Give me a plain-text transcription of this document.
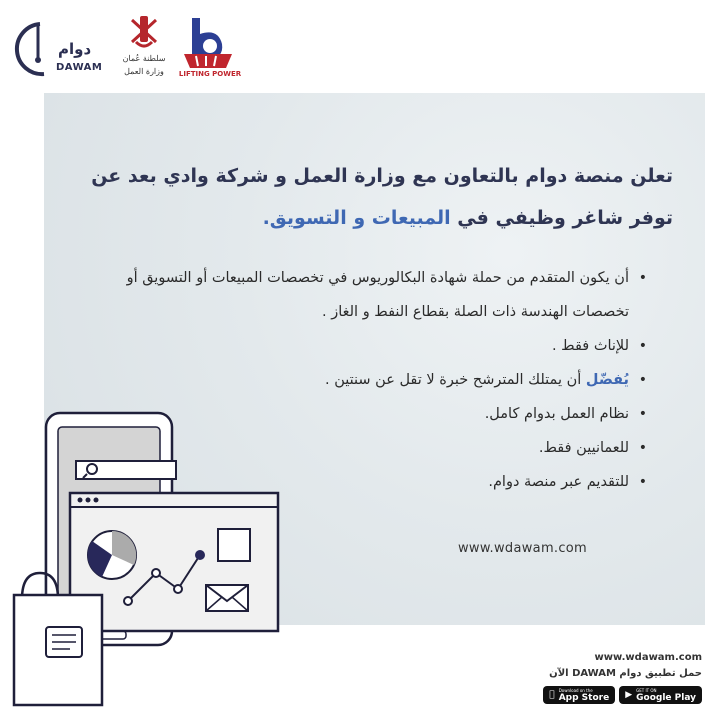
دوام
DAWAM
سلطنة عُمان
وزارة العمل	LIFTING POWER
تعلن منصة دوام بالتعاون مع وزارة العمل و شركة وادي بعد عن
توفر شاغر وظيفي في المبيعات و التسويق.
• أن يكون المتقدم من حملة شهادة البكالوريوس في تخصصات المبيعات أو التسويق أو تخصصات الهندسة ذات الصلة بقطاع النفط و الغاز .
• للإناث فقط .
• يُفضّل أن يمتلك المترشح خبرة لا تقل عن سنتين .
• نظام العمل بدوام كامل.
• للعمانيين فقط.
• للتقديم عبر منصة دوام.
www.wdawam.com
www.wdawam.com
حمل تطبيق دوام DAWAM الآن
Download on the
App Store ▶ GET IT ON
Google Play
